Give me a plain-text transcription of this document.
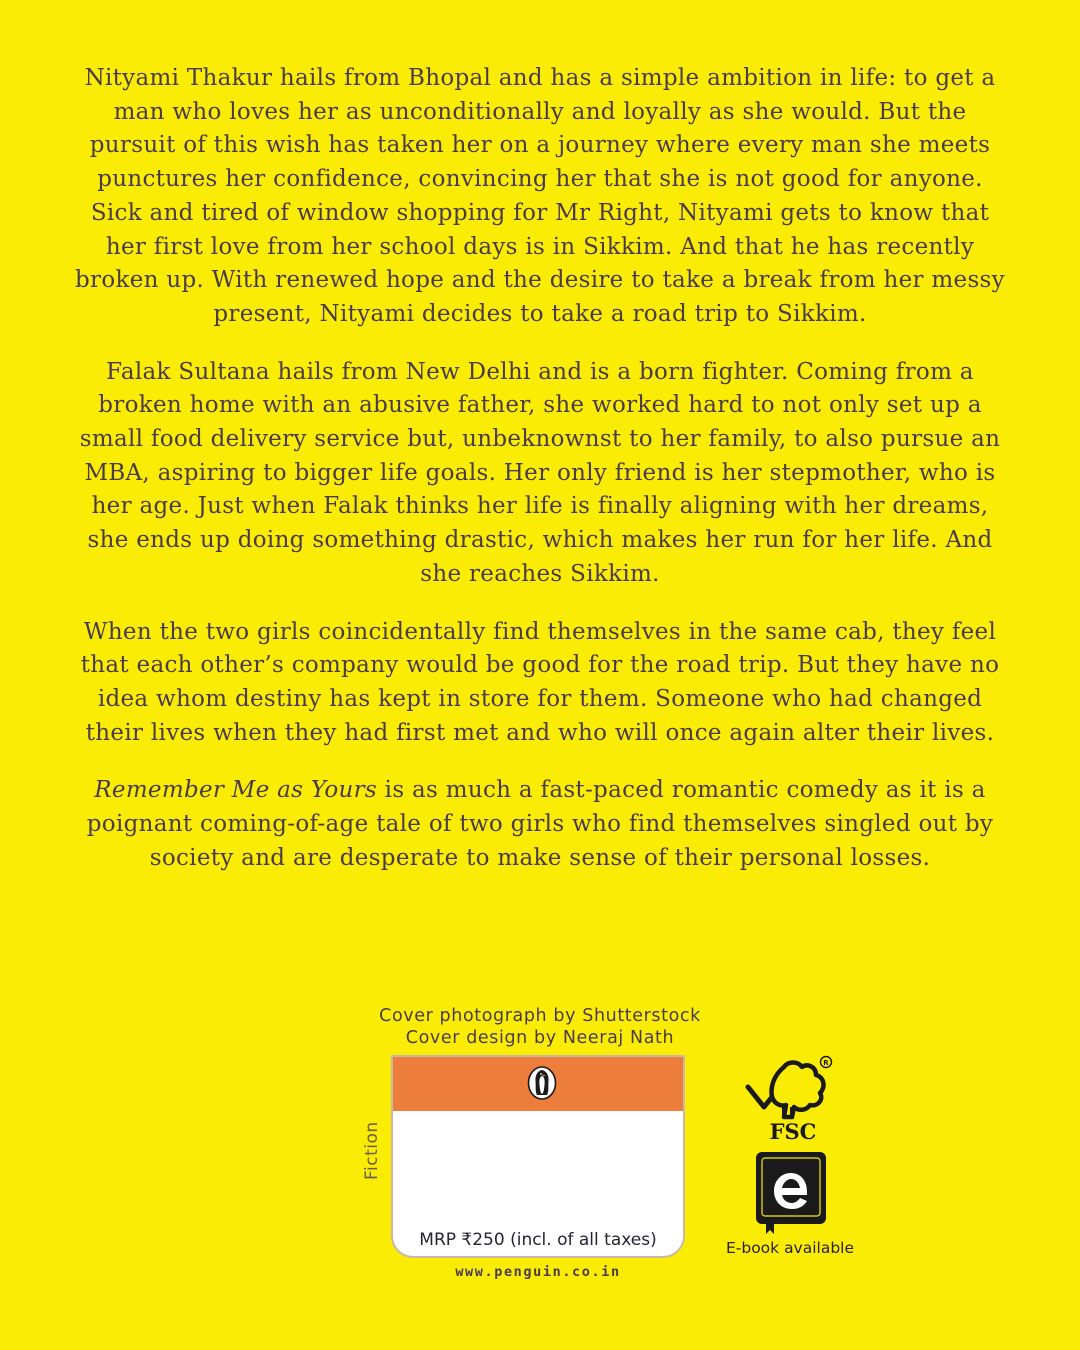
Nityami Thakur hails from Bhopal and has a simple ambition in life: to get a man who loves her as unconditionally and loyally as she would. But the pursuit of this wish has taken her on a journey where every man she meets punctures her confidence, convincing her that she is not good for anyone. Sick and tired of window shopping for Mr Right, Nityami gets to know that her first love from her school days is in Sikkim. And that he has recently broken up. With renewed hope and the desire to take a break from her messy present, Nityami decides to take a road trip to Sikkim.

Falak Sultana hails from New Delhi and is a born fighter. Coming from a broken home with an abusive father, she worked hard to not only set up a small food delivery service but, unbeknownst to her family, to also pursue an MBA, aspiring to bigger life goals. Her only friend is her stepmother, who is her age. Just when Falak thinks her life is finally aligning with her dreams, she ends up doing something drastic, which makes her run for her life. And she reaches Sikkim.

When the two girls coincidentally find themselves in the same cab, they feel that each other’s company would be good for the road trip. But they have no idea whom destiny has kept in store for them. Someone who had changed their lives when they had first met and who will once again alter their lives.

Remember Me as Yours is as much a fast-paced romantic comedy as it is a poignant coming-of-age tale of two girls who find themselves singled out by society and are desperate to make sense of their personal losses.

Cover photograph by Shutterstock
Cover design by Neeraj Nath
Fiction
MRP ₹250 (incl. of all taxes)
www.penguin.co.in
R
FSC
E-book available
